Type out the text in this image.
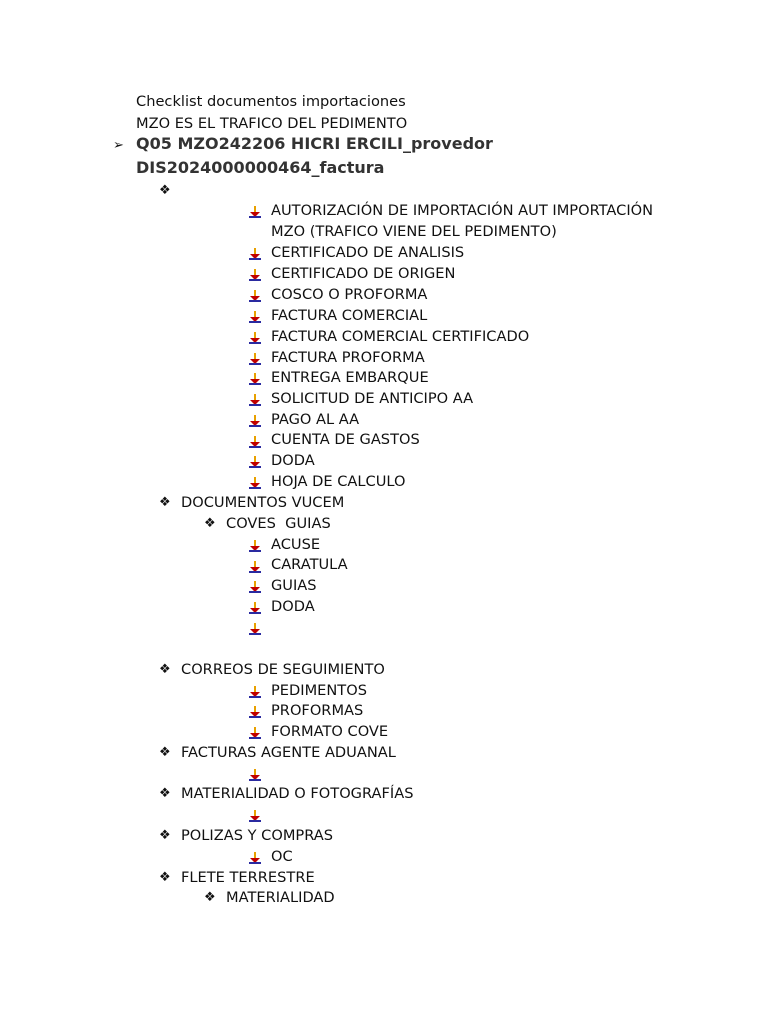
Checklist documentos importaciones
MZO ES EL TRAFICO DEL PEDIMENTO
➢ Q05 MZO242206 HICRI ERCILI_provedor
DIS2024000000464_factura
❖
AUTORIZACIÓN DE IMPORTACIÓN AUT IMPORTACIÓN
MZO (TRAFICO VIENE DEL PEDIMENTO)
CERTIFICADO DE ANALISIS
CERTIFICADO DE ORIGEN
COSCO O PROFORMA
FACTURA COMERCIAL
FACTURA COMERCIAL CERTIFICADO
FACTURA PROFORMA
ENTREGA EMBARQUE
SOLICITUD DE ANTICIPO AA
PAGO AL AA
CUENTA DE GASTOS
DODA
HOJA DE CALCULO
❖ DOCUMENTOS VUCEM
❖ COVES  GUIAS
ACUSE
CARATULA
GUIAS
DODA
❖ CORREOS DE SEGUIMIENTO
PEDIMENTOS
PROFORMAS
FORMATO COVE
❖ FACTURAS AGENTE ADUANAL
❖ MATERIALIDAD O FOTOGRAFÍAS
❖ POLIZAS Y COMPRAS
OC
❖ FLETE TERRESTRE
❖ MATERIALIDAD
